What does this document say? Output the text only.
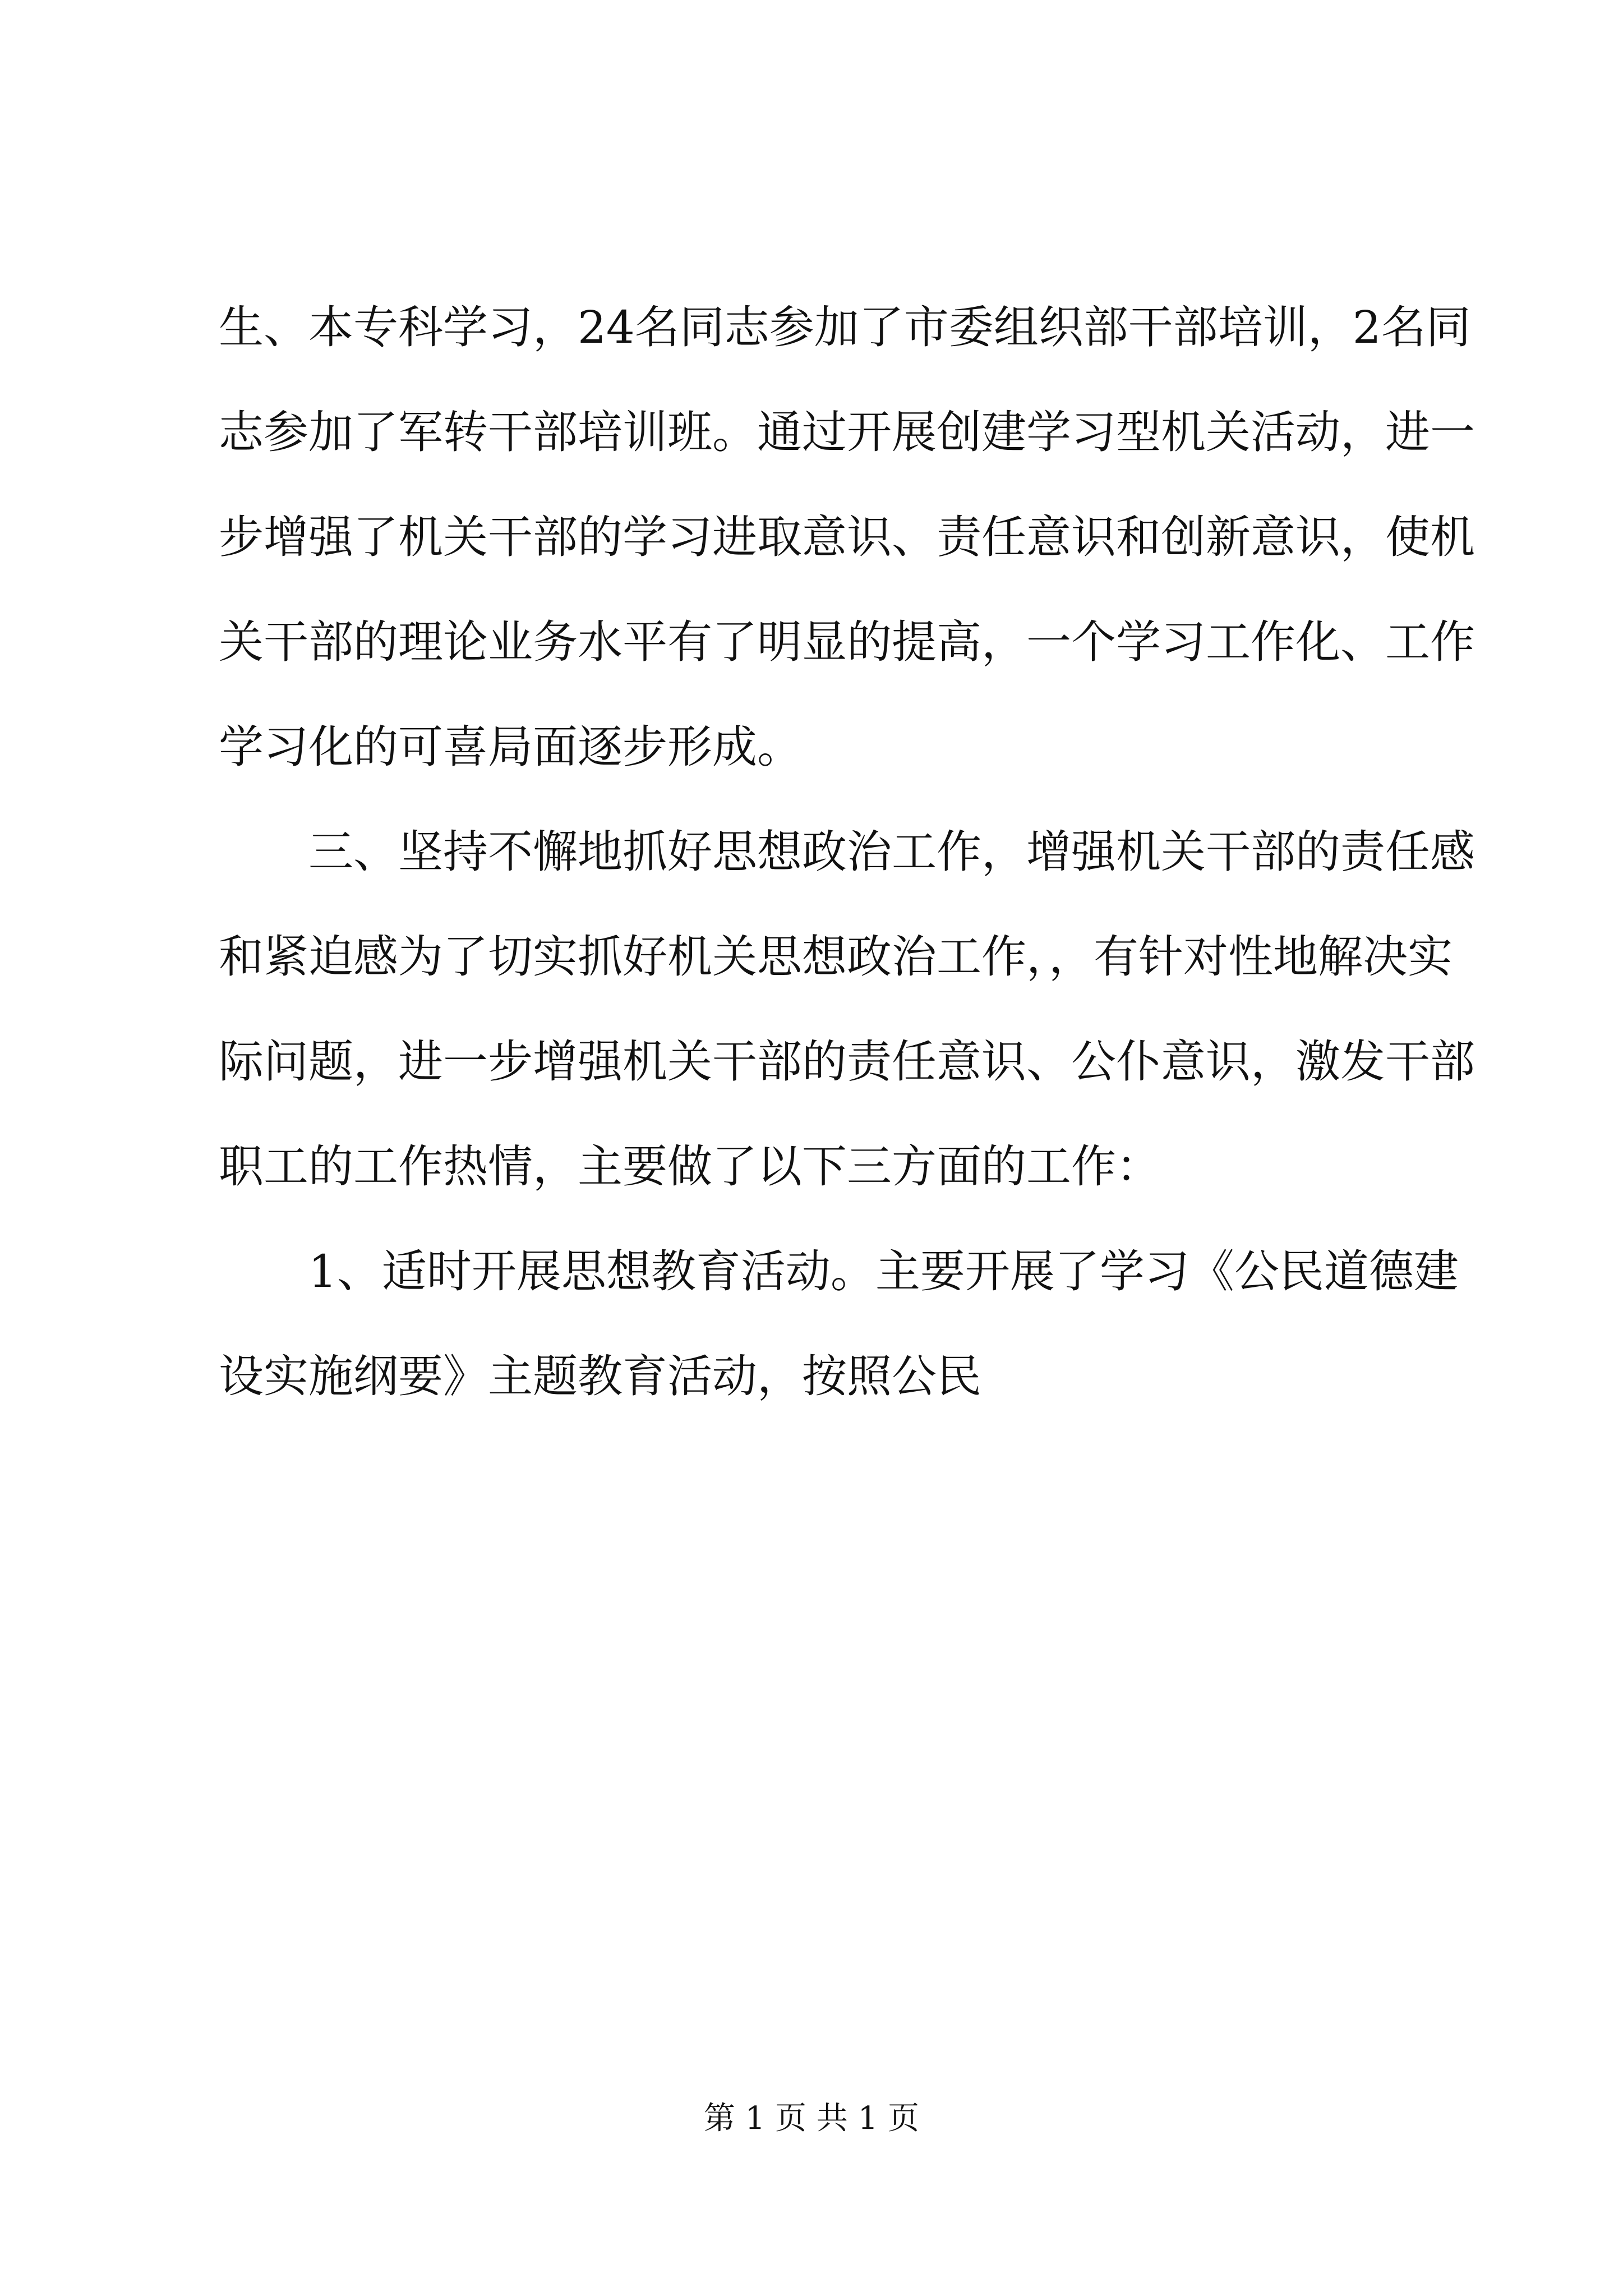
生、本专科学习，24名同志参加了市委组织部干部培训，2名同
志参加了军转干部培训班。通过开展创建学习型机关活动，进一
步增强了机关干部的学习进取意识、责任意识和创新意识，使机
关干部的理论业务水平有了明显的提高，一个学习工作化、工作
学习化的可喜局面逐步形成。
　　三、坚持不懈地抓好思想政治工作，增强机关干部的责任感
和紧迫感为了切实抓好机关思想政治工作，，有针对性地解决实
际问题，进一步增强机关干部的责任意识、公仆意识，激发干部
职工的工作热情，主要做了以下三方面的工作：
　　1、适时开展思想教育活动。主要开展了学习《公民道德建
设实施纲要》主题教育活动，按照公民
第 1 页 共 1 页
